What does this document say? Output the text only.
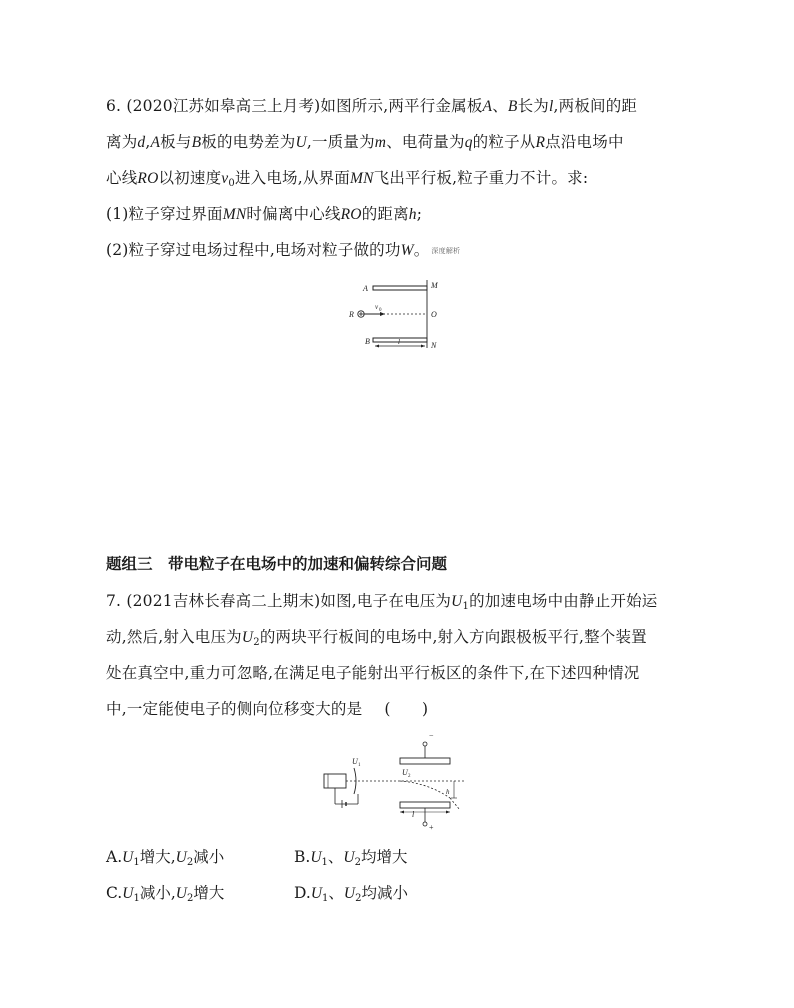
6. (2020江苏如皋高三上月考)如图所示,两平行金属板A、B长为l,两板间的距
离为d,A板与B板的电势差为U,一质量为m、电荷量为q的粒子从R点沿电场中
心线RO以初速度$v_0$进入电场,从界面MN飞出平行板,粒子重力不计。求:
(1)粒子穿过界面MN时偏离中心线RO的距离h;
(2)粒子穿过电场过程中,电场对粒子做的功W。 深度解析
A
B
M
N
O
R
v 0
l
题组三　带电粒子在电场中的加速和偏转综合问题
7. (2021吉林长春高二上期末)如图,电子在电压为$U_1$的加速电场中由静止开始运
动,然后,射入电压为$U_2$的两块平行板间的电场中,射入方向跟极板平行,整个装置
处在真空中,重力可忽略,在满足电子能射出平行板区的条件下,在下述四种情况
中,一定能使电子的侧向位移变大的是 (　　)
U 1
U 2
h
l
−
+
$A.U_1$增大$,U_2$减小	$B.U_1$、$U_2$均增大
$C.U_1$减小$,U_2$增大	$D.U_1$、$U_2$均减小
